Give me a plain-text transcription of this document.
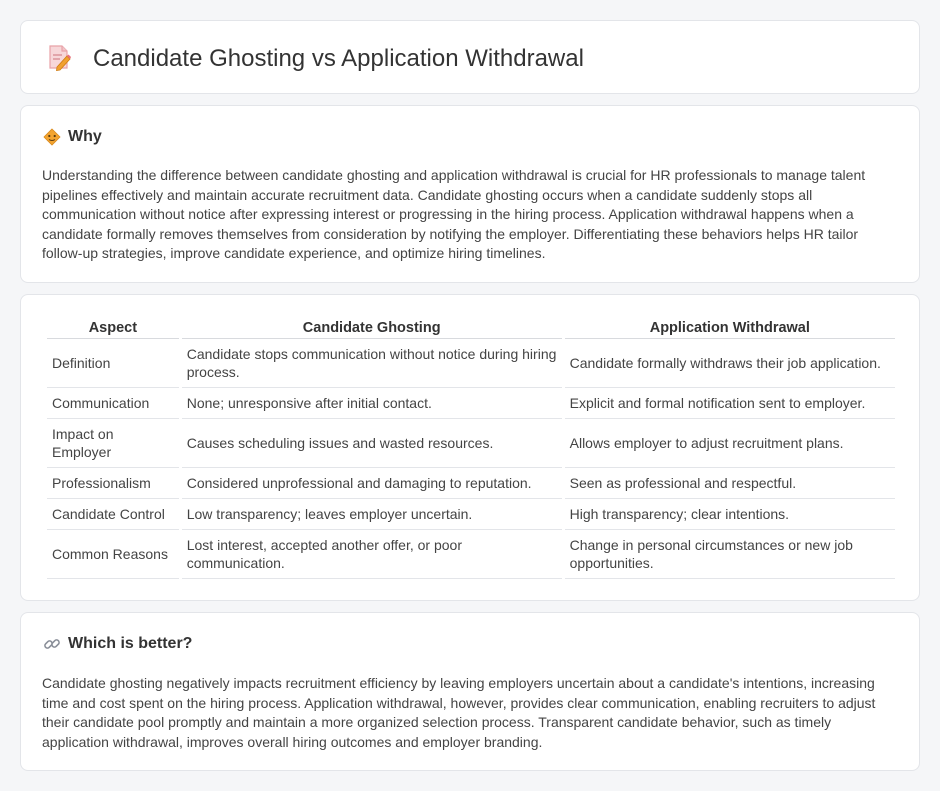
Candidate Ghosting vs Application Withdrawal
Why

Understanding the difference between candidate ghosting and application withdrawal is crucial for HR professionals to manage talent pipelines effectively and maintain accurate recruitment data. Candidate ghosting occurs when a candidate suddenly stops all communication without notice after expressing interest or progressing in the hiring process. Application withdrawal happens when a candidate formally removes themselves from consideration by notifying the employer. Differentiating these behaviors helps HR tailor follow-up strategies, improve candidate experience, and optimize hiring timelines.

Aspect	Candidate Ghosting	Application Withdrawal
Definition	Candidate stops communication without notice during hiring process.	Candidate formally withdraws their job application.
Communication	None; unresponsive after initial contact.	Explicit and formal notification sent to employer.
Impact on Employer	Causes scheduling issues and wasted resources.	Allows employer to adjust recruitment plans.
Professionalism	Considered unprofessional and damaging to reputation.	Seen as professional and respectful.
Candidate Control	Low transparency; leaves employer uncertain.	High transparency; clear intentions.
Common Reasons	Lost interest, accepted another offer, or poor communication.	Change in personal circumstances or new job opportunities.
Which is better?

Candidate ghosting negatively impacts recruitment efficiency by leaving employers uncertain about a candidate's intentions, increasing time and cost spent on the hiring process. Application withdrawal, however, provides clear communication, enabling recruiters to adjust their candidate pool promptly and maintain a more organized selection process. Transparent candidate behavior, such as timely application withdrawal, improves overall hiring outcomes and employer branding.
